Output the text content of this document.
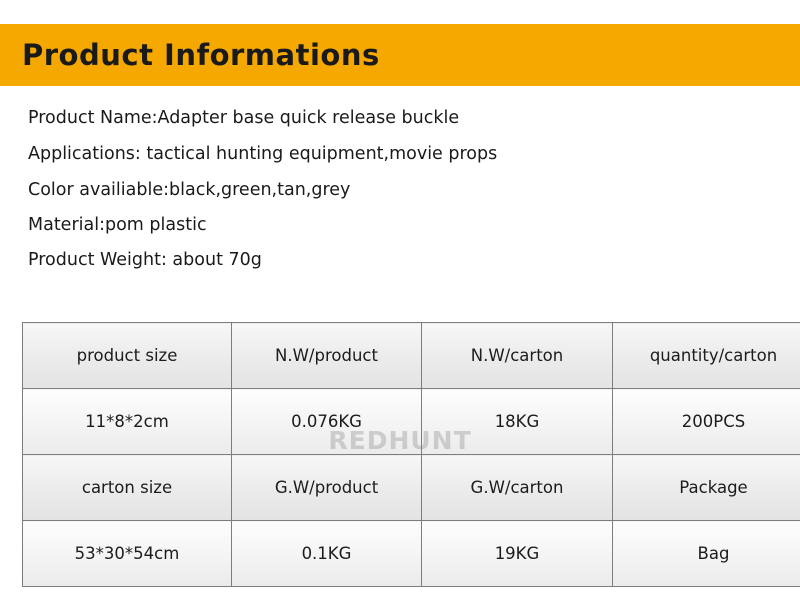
Product Informations
Product Name:Adapter base quick release buckle
Applications: tactical hunting equipment,movie props
Color availiable:black,green,tan,grey
Material:pom plastic
Product Weight: about 70g
product size	N.W/product	N.W/carton	quantity/carton
11*8*2cm	0.076KG	18KG	200PCS
carton size	G.W/product	G.W/carton	Package
53*30*54cm	0.1KG	19KG	Bag
REDHUNT
